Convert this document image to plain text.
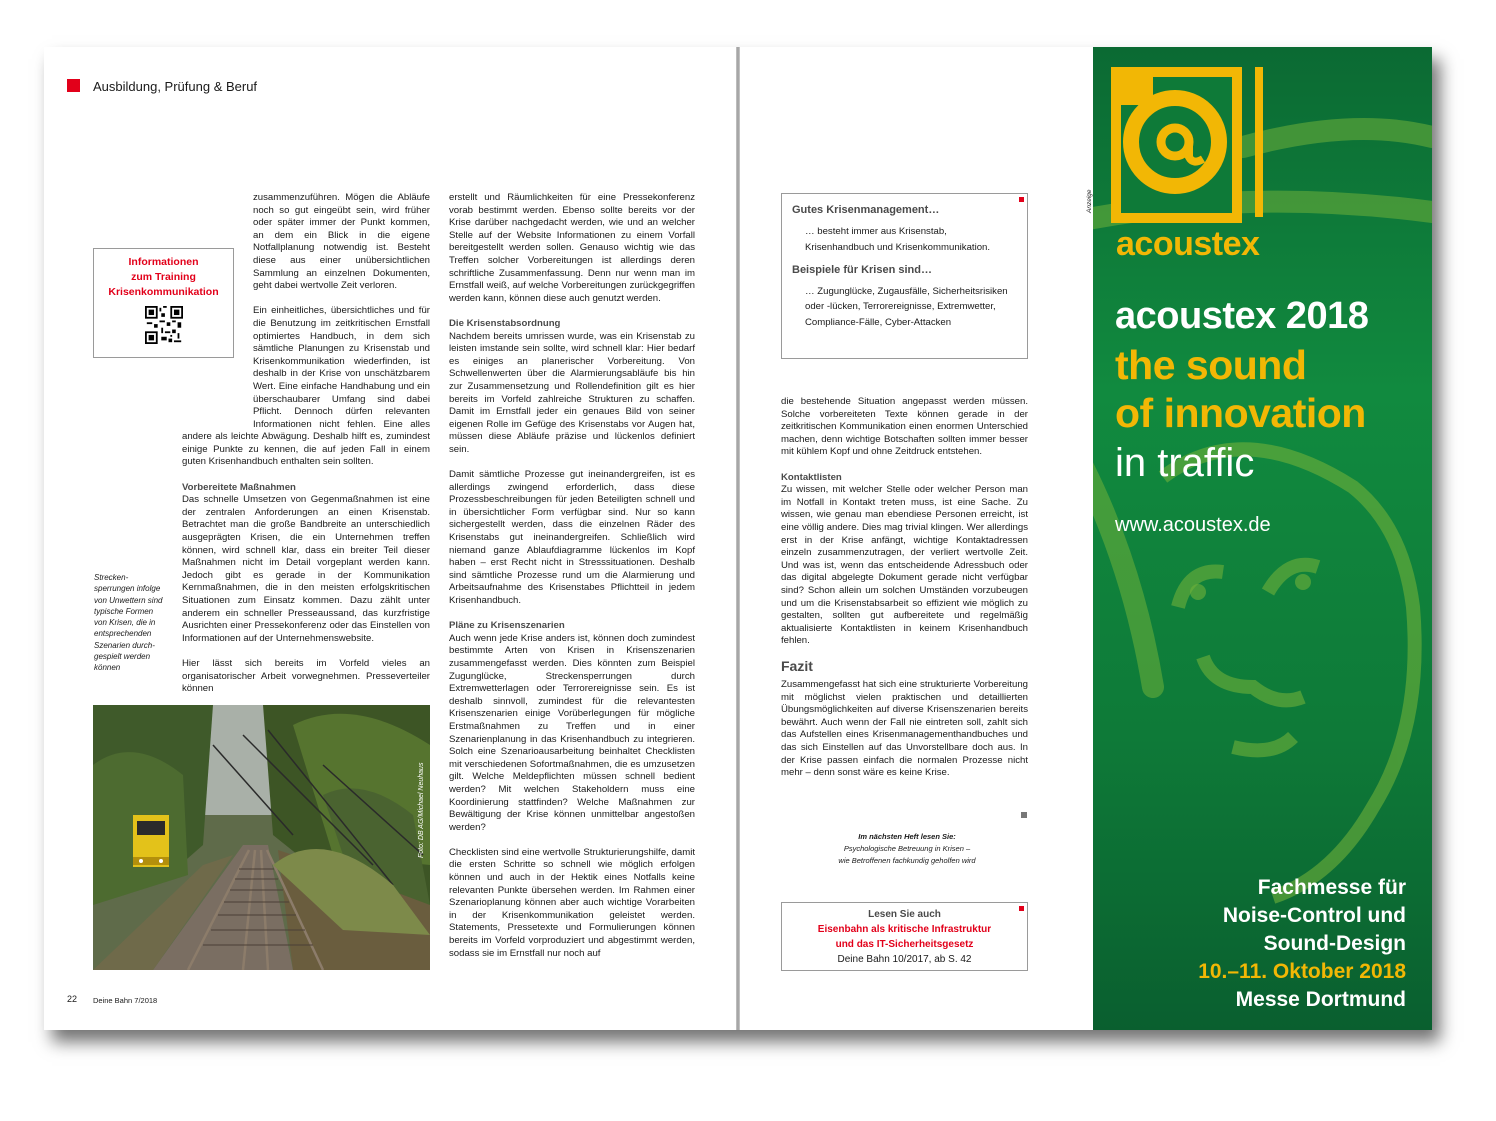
Ausbildung, Prüfung & Beruf

zusammenzuführen. Mögen die Abläufe noch so gut eingeübt sein, wird früher oder später immer der Punkt kommen, an dem ein Blick in die eigene Notfallplanung notwendig ist. Besteht diese aus einer unübersichtlichen Sammlung an einzelnen Dokumenten, geht dabei wertvolle Zeit verloren.

Ein einheitliches, übersichtliches und für die Benutzung im zeitkritischen Ernstfall optimiertes Handbuch, in dem sich sämtliche Planungen zu Krisenstab und Krisenkommunikation wiederfinden, ist deshalb in der Krise von unschätzbarem Wert. Eine einfache Handhabung und ein überschaubarer Umfang sind dabei Pflicht. Dennoch dürfen relevanten Informationen nicht fehlen. Eine alles andere als leichte Abwägung. Deshalb hilft es, zumindest einige Punkte zu kennen, die auf jeden Fall in einem guten Krisenhandbuch enthalten sein sollten.

Vorbereitete Maßnahmen

Das schnelle Umsetzen von Gegenmaßnahmen ist eine der zentralen Anforderungen an einen Krisenstab. Betrachtet man die große Bandbreite an unterschiedlich ausgeprägten Krisen, die ein Unternehmen treffen können, wird schnell klar, dass ein breiter Teil dieser Maßnahmen nicht im Detail vorgeplant werden kann. Jedoch gibt es gerade in der Kommunikation Kernmaßnahmen, die in den meisten erfolgskritischen Situationen zum Einsatz kommen. Dazu zählt unter anderem ein schneller Presseaussand, das kurzfristige Ausrichten einer Pressekonferenz oder das Einstellen von Informationen auf der Unternehmenswebsite.

Hier lässt sich bereits im Vorfeld vieles an organisatorischer Arbeit vorwegnehmen. Presseverteiler können

Informationen
zum Training
Krisenkommunikation
Streckensperrungen infolge von Unwettern sind typische Formen von Krisen, die in entsprechenden Szenarien durchgespielt werden können
Foto: DB AG/Michael Neuhaus
22 Deine Bahn 7/2018

erstellt und Räumlichkeiten für eine Pressekonferenz vorab bestimmt werden. Ebenso sollte bereits vor der Krise darüber nachgedacht werden, wie und an welcher Stelle auf der Website Informationen zu einem Vorfall bereitgestellt werden sollen. Genauso wichtig wie das Treffen solcher Vorbereitungen ist allerdings deren schriftliche Zusammenfassung. Denn nur wenn man im Ernstfall weiß, auf welche Vorbereitungen zurückgegriffen werden kann, können diese auch genutzt werden.

Die Krisenstabsordnung

Nachdem bereits umrissen wurde, was ein Krisenstab zu leisten imstande sein sollte, wird schnell klar: Hier bedarf es einiges an planerischer Vorbereitung. Von Schwellenwerten über die Alarmierungsabläufe bis hin zur Zusammensetzung und Rollendefinition gilt es hier bereits im Vorfeld zahlreiche Strukturen zu schaffen. Damit im Ernstfall jeder ein genaues Bild von seiner eigenen Rolle im Gefüge des Krisenstabs vor Augen hat, müssen diese Abläufe präzise und lückenlos definiert sein.

Damit sämtliche Prozesse gut ineinandergreifen, ist es allerdings zwingend erforderlich, dass diese Prozessbeschreibungen für jeden Beteiligten schnell und in übersichtlicher Form verfügbar sind. Nur so kann sichergestellt werden, dass die einzelnen Räder des Krisenstabs gut ineinandergreifen. Schließlich wird niemand ganze Ablaufdiagramme lückenlos im Kopf haben – erst Recht nicht in Stresssituationen. Deshalb sind sämtliche Prozesse rund um die Alarmierung und Arbeitsaufnahme des Krisenstabes Pflichtteil in jedem Krisenhandbuch.

Pläne zu Krisenszenarien

Auch wenn jede Krise anders ist, können doch zumindest bestimmte Arten von Krisen in Krisenszenarien zusammengefasst werden. Dies könnten zum Beispiel Zugunglücke, Streckensperrungen durch Extremwetterlagen oder Terrorereignisse sein. Es ist deshalb sinnvoll, zumindest für die relevantesten Krisenszenarien einige Vorüberlegungen für mögliche Erstmaßnahmen zu Treffen und in einer Szenarienplanung in das Krisenhandbuch zu integrieren. Solch eine Szenarioausarbeitung beinhaltet Checklisten mit verschiedenen Sofortmaßnahmen, die es umzusetzen gilt. Welche Meldepflichten müssen schnell bedient werden? Mit welchen Stakeholdern muss eine Koordinierung stattfinden? Welche Maßnahmen zur Bewältigung der Krise können unmittelbar angestoßen werden?

Checklisten sind eine wertvolle Strukturierungshilfe, damit die ersten Schritte so schnell wie möglich erfolgen können und auch in der Hektik eines Notfalls keine relevanten Punkte übersehen werden. Im Rahmen einer Szenarioplanung können aber auch wichtige Vorarbeiten in der Krisenkommunikation geleistet werden. Statements, Pressetexte und Formulierungen können bereits im Vorfeld vorproduziert und abgestimmt werden, sodass sie im Ernstfall nur noch auf

Gutes Krisenmanagement…
… besteht immer aus Krisenstab, Krisenhandbuch und Krisenkommunikation.
Beispiele für Krisen sind…
… Zugunglücke, Zugausfälle, Sicherheitsrisiken oder -lücken, Terrorereignisse, Extremwetter, Compliance-Fälle, Cyber-Attacken

die bestehende Situation angepasst werden müssen. Solche vorbereiteten Texte können gerade in der zeitkritischen Kommunikation einen enormen Unterschied machen, denn wichtige Botschaften sollten immer besser mit kühlem Kopf und ohne Zeitdruck entstehen.

Kontaktlisten

Zu wissen, mit welcher Stelle oder welcher Person man im Notfall in Kontakt treten muss, ist eine Sache. Zu wissen, wie genau man ebendiese Personen erreicht, ist eine völlig andere. Dies mag trivial klingen. Wer allerdings erst in der Krise anfängt, wichtige Kontaktadressen einzeln zusammenzutragen, der verliert wertvolle Zeit. Und was ist, wenn das entscheidende Adressbuch oder das digital abgelegte Dokument gerade nicht verfügbar sind? Schon allein um solchen Umständen vorzubeugen und um die Krisenstabsarbeit so effizient wie möglich zu gestalten, sollten gut aufbereitete und regelmäßig aktualisierte Kontaktlisten in keinem Krisenhandbuch fehlen.

Fazit

Zusammengefasst hat sich eine strukturierte Vorbereitung mit möglichst vielen praktischen und detaillierten Übungsmöglichkeiten auf diverse Krisenszenarien bereits bewährt. Auch wenn der Fall nie eintreten soll, zahlt sich das Aufstellen eines Krisenmanagementhandbuches und das sich Einstellen auf das Unvorstellbare doch aus. In der Krise passen einfach die normalen Prozesse nicht mehr – denn sonst wäre es keine Krise.

Im nächsten Heft lesen Sie:
Psychologische Betreuung in Krisen –
wie Betroffenen fachkundig geholfen wird
Lesen Sie auch
Eisenbahn als kritische Infrastruktur
und das IT-Sicherheitsgesetz
Deine Bahn 10/2017, ab S. 42
Anzeige
acoustex
acoustex 2018
the sound
of innovation
in traffic
www.acoustex.de
Fachmesse für
Noise-Control und
Sound-Design
10.–11. Oktober 2018
Messe Dortmund
